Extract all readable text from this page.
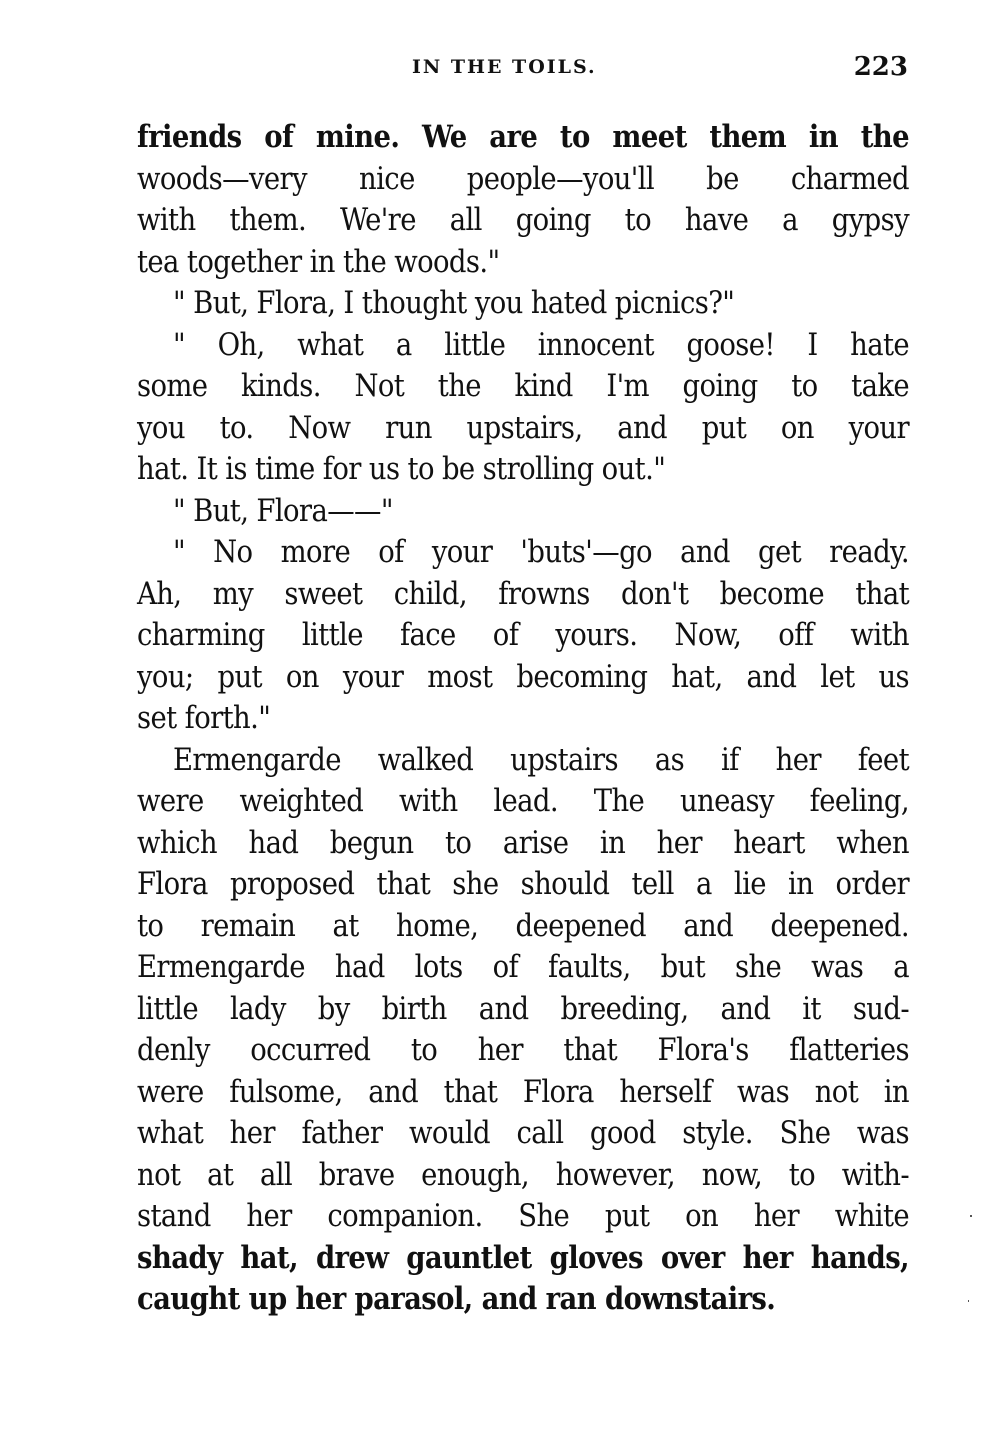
IN THE TOILS.	223
friends of mine. We are to meet them in the
woods—very nice people—you'll be charmed
with them. We're all going to have a gypsy
tea together in the woods."
" But, Flora, I thought you hated picnics?"
" Oh, what a little innocent goose! I hate
some kinds. Not the kind I'm going to take
you to. Now run upstairs, and put on your
hat. It is time for us to be strolling out."
" But, Flora——"
" No more of your 'buts'—go and get ready.
Ah, my sweet child, frowns don't become that
charming little face of yours. Now, off with
you; put on your most becoming hat, and let us
set forth."
Ermengarde walked upstairs as if her feet
were weighted with lead. The uneasy feeling,
which had begun to arise in her heart when
Flora proposed that she should tell a lie in order
to remain at home, deepened and deepened.
Ermengarde had lots of faults, but she was a
little lady by birth and breeding, and it sud-
denly occurred to her that Flora's flatteries
were fulsome, and that Flora herself was not in
what her father would call good style. She was
not at all brave enough, however, now, to with-
stand her companion. She put on her white
shady hat, drew gauntlet gloves over her hands,
caught up her parasol, and ran downstairs.
